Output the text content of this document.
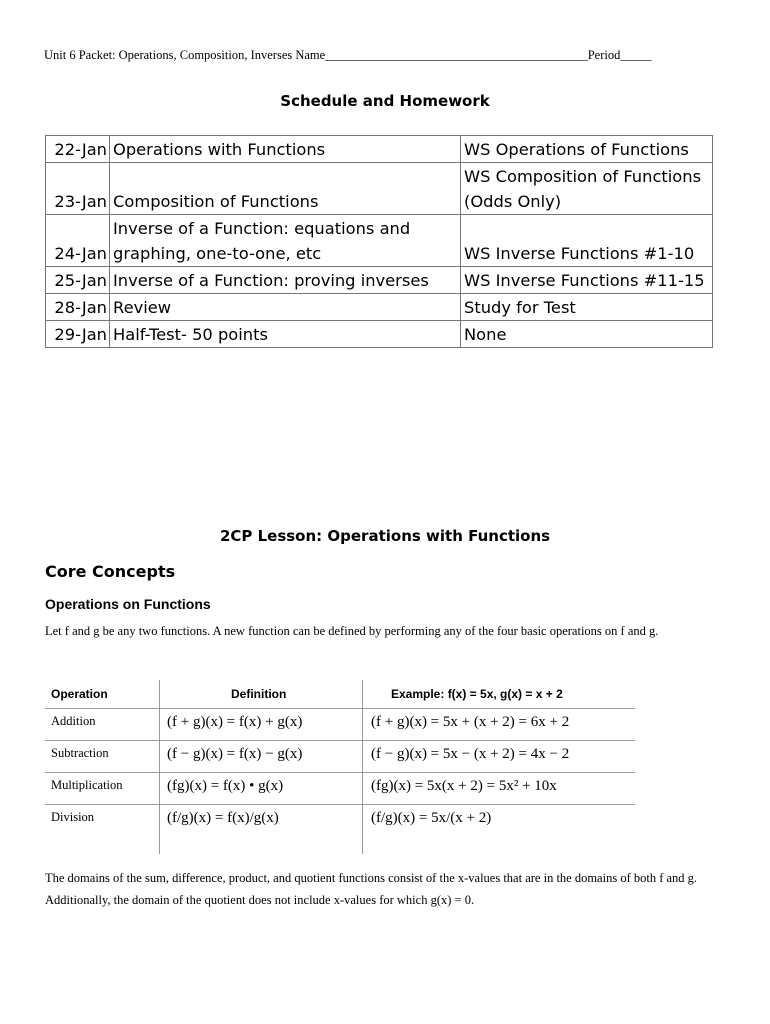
Unit 6 Packet: Operations, Composition, Inverses Name__________________________________________Period_____
Schedule and Homework
22-Jan	Operations with Functions	WS Operations of Functions
23-Jan	Composition of Functions	WS Composition of Functions (Odds Only)
24-Jan	Inverse of a Function: equations and graphing, one-to-one, etc	WS Inverse Functions #1-10
25-Jan	Inverse of a Function: proving inverses	WS Inverse Functions #11-15
28-Jan	Review	Study for Test
29-Jan	Half-Test- 50 points	None
2CP Lesson: Operations with Functions
Core Concepts
Operations on Functions
Let f and g be any two functions. A new function can be defined by performing any of the four basic operations on f and g.
Operation	Definition	Example: f(x) = 5x, g(x) = x + 2
Addition	(f + g)(x) = f(x) + g(x)	(f + g)(x) = 5x + (x + 2) = 6x + 2
Subtraction	(f − g)(x) = f(x) − g(x)	(f − g)(x) = 5x − (x + 2) = 4x − 2
Multiplication	(fg)(x) = f(x) • g(x)	(fg)(x) = 5x(x + 2) = 5x² + 10x
Division	(f/g)(x) = f(x)/g(x)	(f/g)(x) = 5x/(x + 2)
The domains of the sum, difference, product, and quotient functions consist of the x-values that are in the domains of both f and g. Additionally, the domain of the quotient does not include x-values for which g(x) = 0.
